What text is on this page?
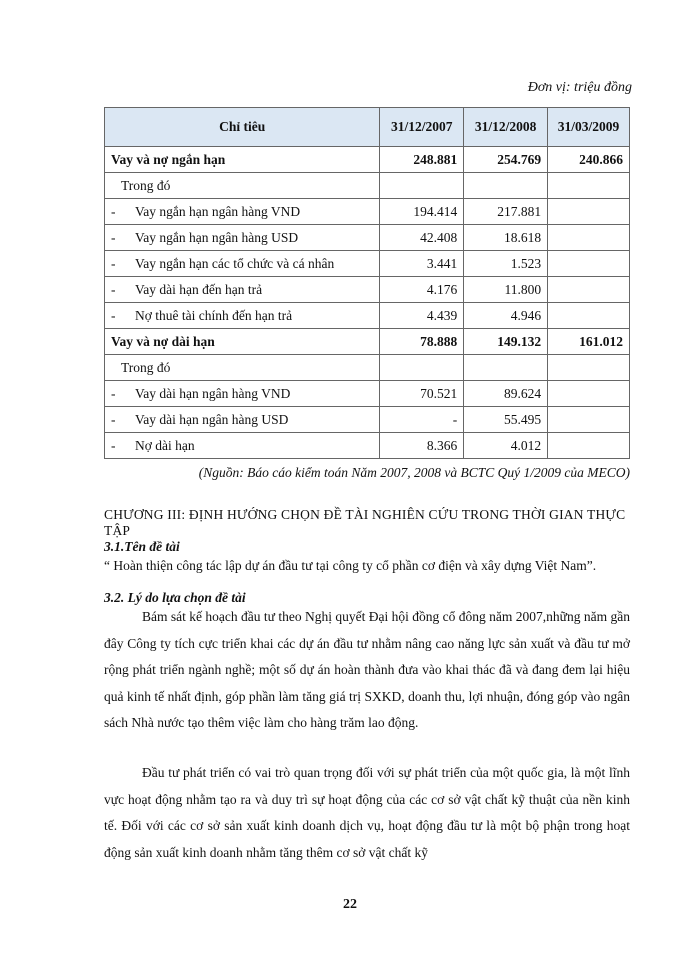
Đơn vị: triệu đồng
Chỉ tiêu	31/12/2007	31/12/2008	31/03/2009
Vay và nợ ngắn hạn	248.881	254.769	240.866
Trong đó			
- Vay ngắn hạn ngân hàng VND	194.414	217.881	
- Vay ngắn hạn ngân hàng USD	42.408	18.618	
- Vay ngắn hạn các tổ chức và cá nhân	3.441	1.523	
- Vay dài hạn đến hạn trả	4.176	11.800	
- Nợ thuê tài chính đến hạn trả	4.439	4.946	
Vay và nợ dài hạn	78.888	149.132	161.012
Trong đó			
- Vay dài hạn ngân hàng VND	70.521	89.624	
- Vay dài hạn ngân hàng USD	-	55.495	
- Nợ dài hạn	8.366	4.012	
(Nguồn: Báo cáo kiểm toán Năm 2007, 2008 và BCTC Quý 1/2009 của MECO)
CHƯƠNG III: ĐỊNH HƯỚNG CHỌN ĐỀ TÀI NGHIÊN CỨU TRONG THỜI GIAN THỰC TẬP
3.1.Tên đề tài
“ Hoàn thiện công tác lập dự án đầu tư tại công ty cổ phần cơ điện và xây dựng Việt Nam”.
3.2. Lý do lựa chọn đề tài
Bám sát kế hoạch đầu tư theo Nghị quyết Đại hội đồng cổ đông năm 2007,những năm gần đây Công ty tích cực triển khai các dự án đầu tư nhằm nâng cao năng lực sản xuất và đầu tư mở rộng phát triển ngành nghề; một số dự án hoàn thành đưa vào khai thác đã và đang đem lại hiệu quả kinh tế nhất định, góp phần làm tăng giá trị SXKD, doanh thu, lợi nhuận, đóng góp vào ngân sách Nhà nước tạo thêm việc làm cho hàng trăm lao động.
Đầu tư phát triển có vai trò quan trọng đối với sự phát triển của một quốc gia, là một lĩnh vực hoạt động nhằm tạo ra và duy trì sự hoạt động của các cơ sở vật chất kỹ thuật của nền kinh tế. Đối với các cơ sở sản xuất kinh doanh dịch vụ, hoạt động đầu tư là một bộ phận trong hoạt động sản xuất kinh doanh nhằm tăng thêm cơ sở vật chất kỹ
22
